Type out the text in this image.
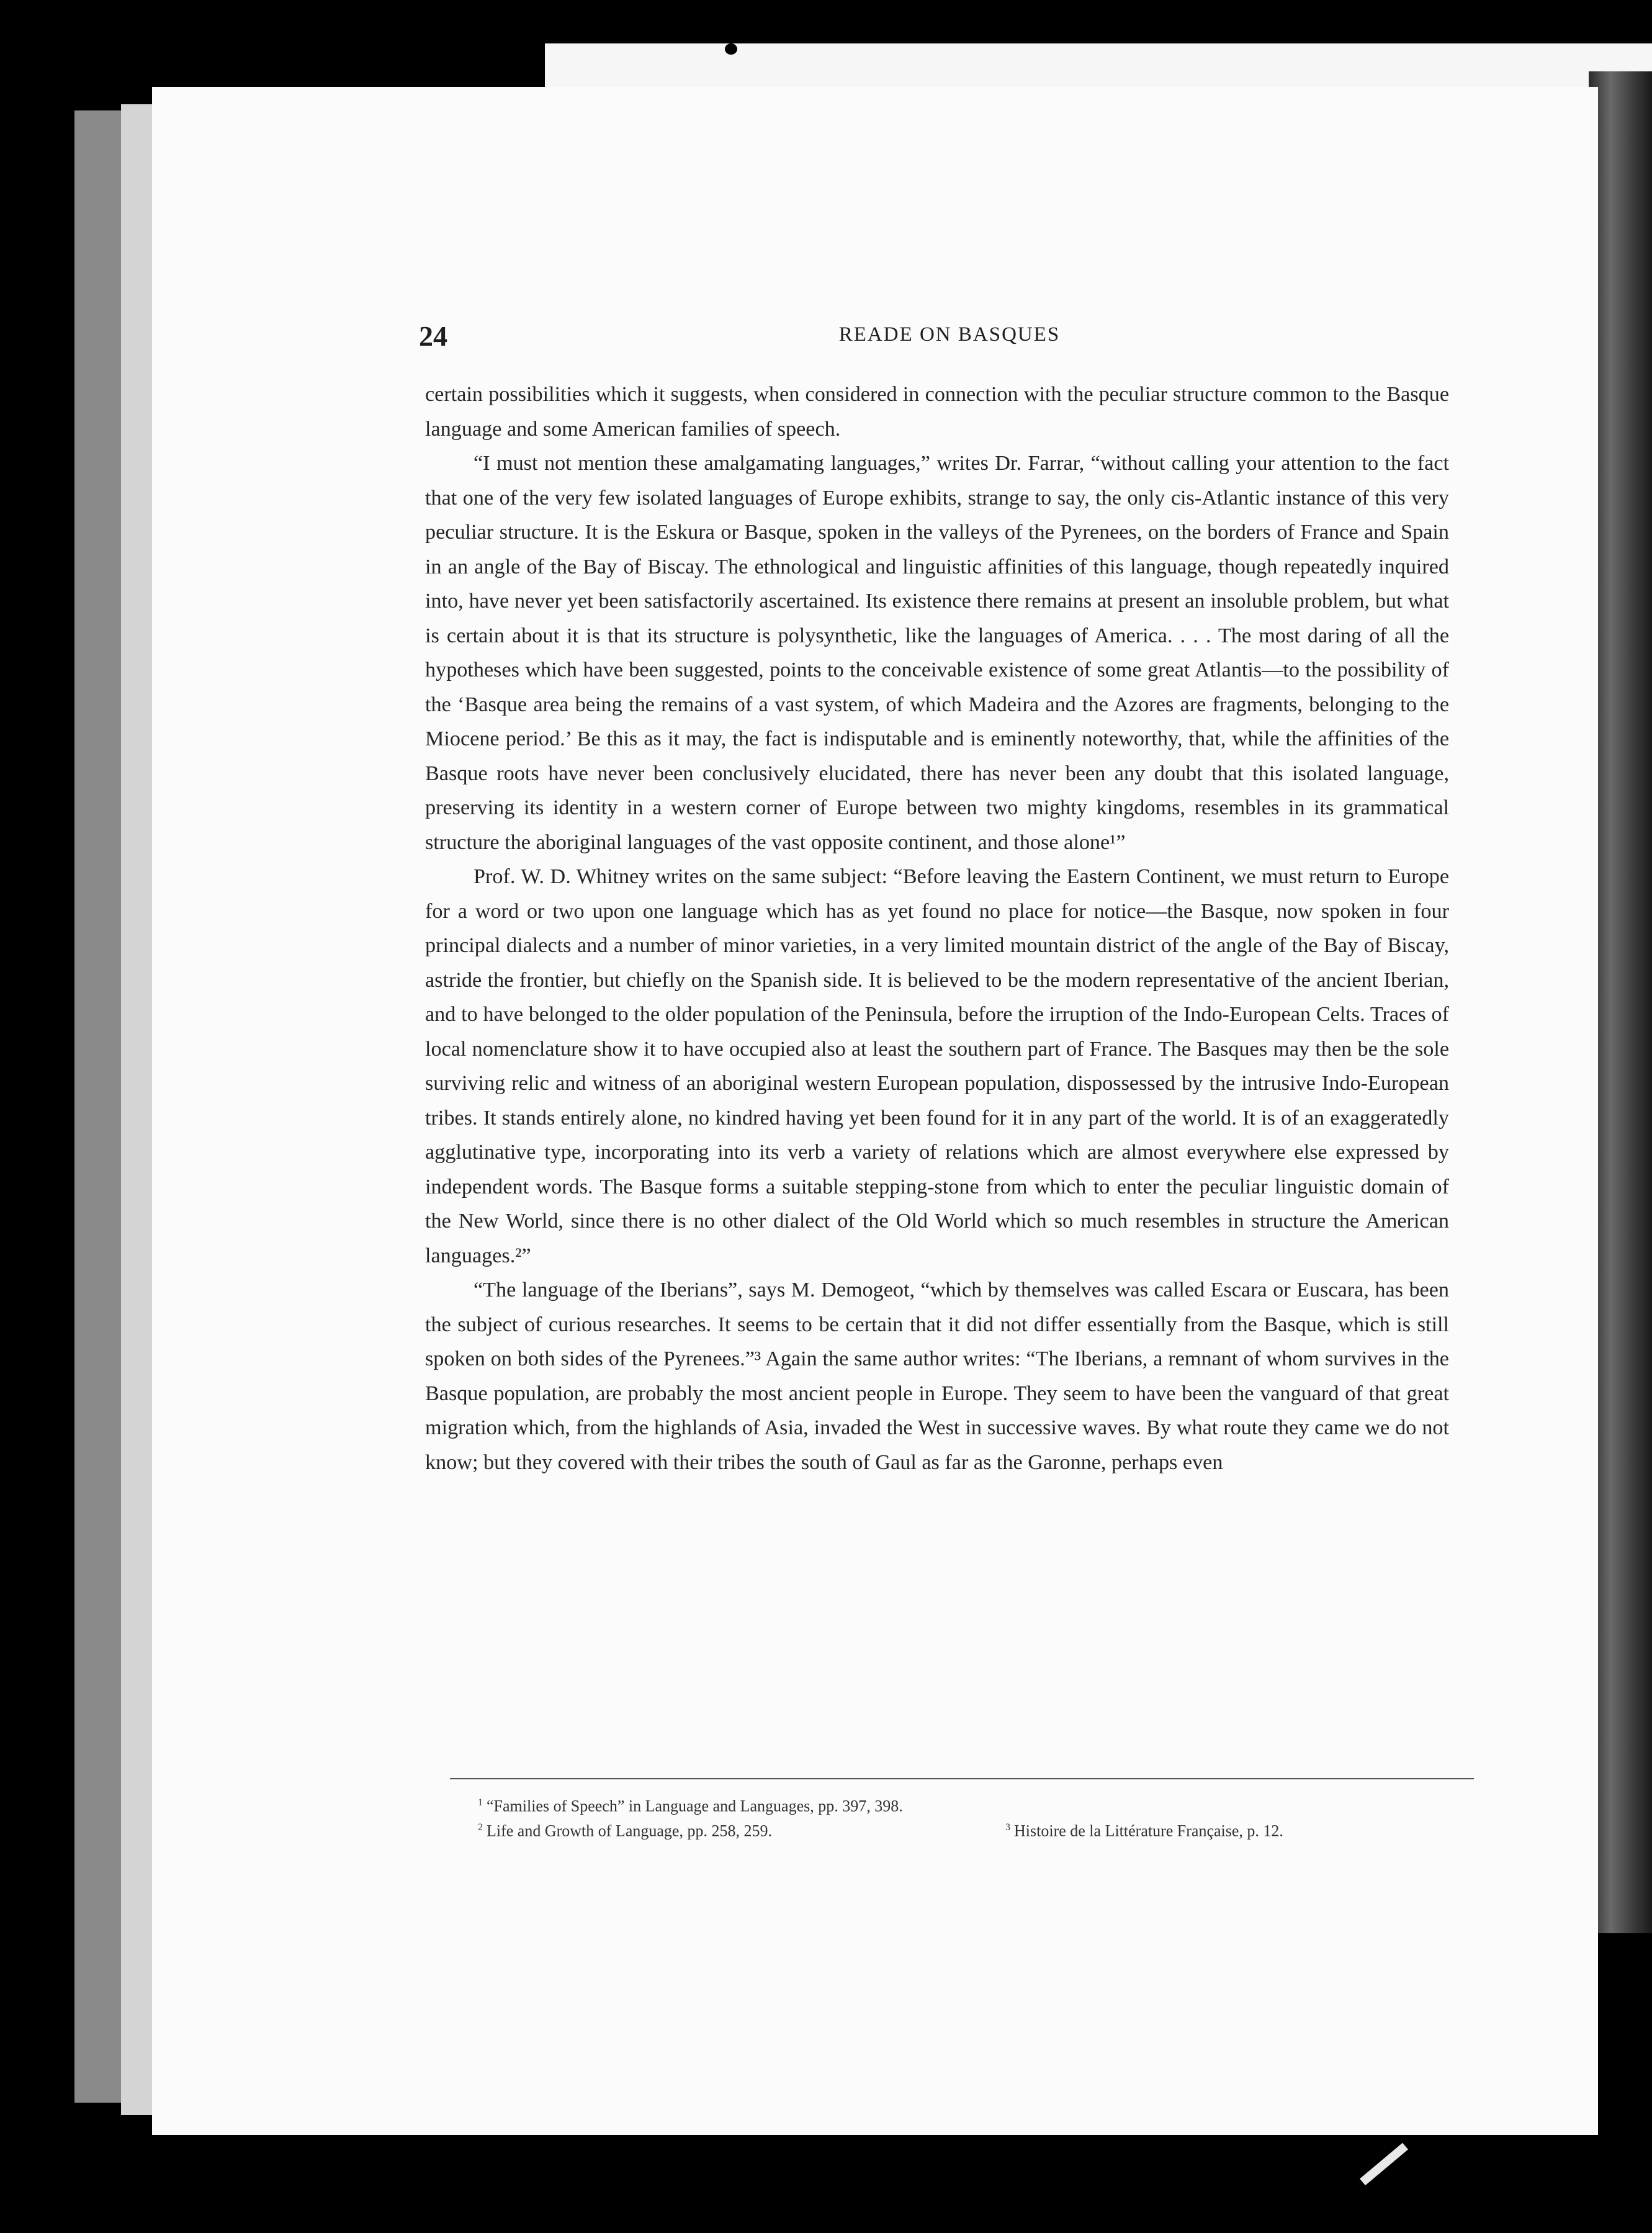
24	READE ON BASQUES

certain possibilities which it suggests, when considered in connection with the peculiar structure common to the Basque language and some American families of speech.

“I must not mention these amalgamating languages,” writes Dr. Farrar, “without calling your attention to the fact that one of the very few isolated languages of Europe exhibits, strange to say, the only cis-Atlantic instance of this very peculiar structure. It is the Eskura or Basque, spoken in the valleys of the Pyrenees, on the borders of France and Spain in an angle of the Bay of Biscay. The ethnological and linguistic affinities of this language, though repeatedly inquired into, have never yet been satisfactorily ascertained. Its existence there remains at present an insoluble problem, but what is certain about it is that its structure is polysynthetic, like the languages of America. . . . The most daring of all the hypotheses which have been suggested, points to the conceivable existence of some great Atlantis—to the possibility of the ‘Basque area being the remains of a vast system, of which Madeira and the Azores are fragments, belonging to the Miocene period.’ Be this as it may, the fact is indisputable and is eminently noteworthy, that, while the affinities of the Basque roots have never been conclusively elucidated, there has never been any doubt that this isolated language, preserving its identity in a western corner of Europe between two mighty kingdoms, resembles in its grammatical structure the aboriginal languages of the vast opposite continent, and those alone¹”

Prof. W. D. Whitney writes on the same subject: “Before leaving the Eastern Continent, we must return to Europe for a word or two upon one language which has as yet found no place for notice—the Basque, now spoken in four principal dialects and a number of minor varieties, in a very limited mountain district of the angle of the Bay of Biscay, astride the frontier, but chiefly on the Spanish side. It is believed to be the modern representative of the ancient Iberian, and to have belonged to the older population of the Peninsula, before the irruption of the Indo-European Celts. Traces of local nomenclature show it to have occupied also at least the southern part of France. The Basques may then be the sole surviving relic and witness of an aboriginal western European population, dispossessed by the intrusive Indo-European tribes. It stands entirely alone, no kindred having yet been found for it in any part of the world. It is of an exaggeratedly agglutinative type, incorporating into its verb a variety of relations which are almost everywhere else expressed by independent words. The Basque forms a suitable stepping-stone from which to enter the peculiar linguistic domain of the New World, since there is no other dialect of the Old World which so much resembles in structure the American languages.²”

“The language of the Iberians”, says M. Demogeot, “which by themselves was called Escara or Euscara, has been the subject of curious researches. It seems to be certain that it did not differ essentially from the Basque, which is still spoken on both sides of the Pyrenees.”³ Again the same author writes: “The Iberians, a remnant of whom survives in the Basque population, are probably the most ancient people in Europe. They seem to have been the vanguard of that great migration which, from the highlands of Asia, invaded the West in successive waves. By what route they came we do not know; but they covered with their tribes the south of Gaul as far as the Garonne, perhaps even

$^1$ “Families of Speech” in Language and Languages, pp. 397, 398.
$^2$ Life and Growth of Language, pp. 258, 259.	$^3$ Histoire de la Littérature Française, p. 12.
